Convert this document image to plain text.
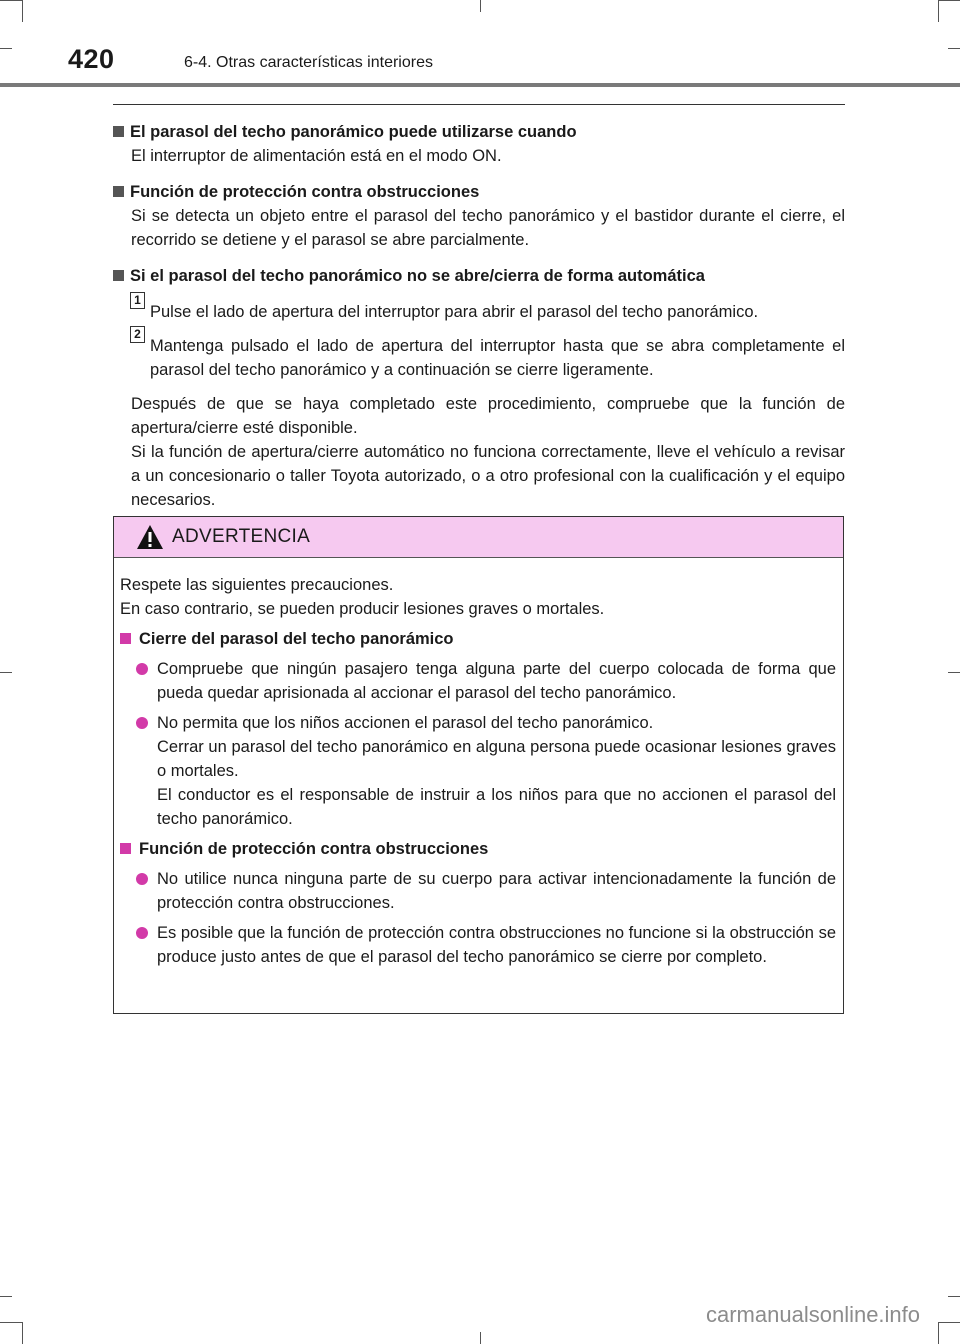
420	6-4. Otras características interiores
El parasol del techo panorámico puede utilizarse cuando
El interruptor de alimentación está en el modo ON.
Función de protección contra obstrucciones
Si se detecta un objeto entre el parasol del techo panorámico y el bastidor durante el cierre, el recorrido se detiene y el parasol se abre parcialmente.
Si el parasol del techo panorámico no se abre/cierra de forma automática
1
Pulse el lado de apertura del interruptor para abrir el parasol del techo panorámico.
2
Mantenga pulsado el lado de apertura del interruptor hasta que se abra completamente el parasol del techo panorámico y a continuación se cierre ligeramente.
Después de que se haya completado este procedimiento, compruebe que la función de apertura/cierre esté disponible.
Si la función de apertura/cierre automático no funciona correctamente, lleve el vehículo a revisar a un concesionario o taller Toyota autorizado, o a otro profesional con la cualificación y el equipo necesarios.
ADVERTENCIA
Respete las siguientes precauciones.
En caso contrario, se pueden producir lesiones graves o mortales.
Cierre del parasol del techo panorámico
Compruebe que ningún pasajero tenga alguna parte del cuerpo colocada de forma que pueda quedar aprisionada al accionar el parasol del techo panorámico.
No permita que los niños accionen el parasol del techo panorámico.
Cerrar un parasol del techo panorámico en alguna persona puede ocasionar lesiones graves o mortales.
El conductor es el responsable de instruir a los niños para que no accionen el parasol del techo panorámico.
Función de protección contra obstrucciones
No utilice nunca ninguna parte de su cuerpo para activar intencionadamente la función de protección contra obstrucciones.
Es posible que la función de protección contra obstrucciones no funcione si la obstrucción se produce justo antes de que el parasol del techo panorámico se cierre por completo.
carmanualsonline.info
